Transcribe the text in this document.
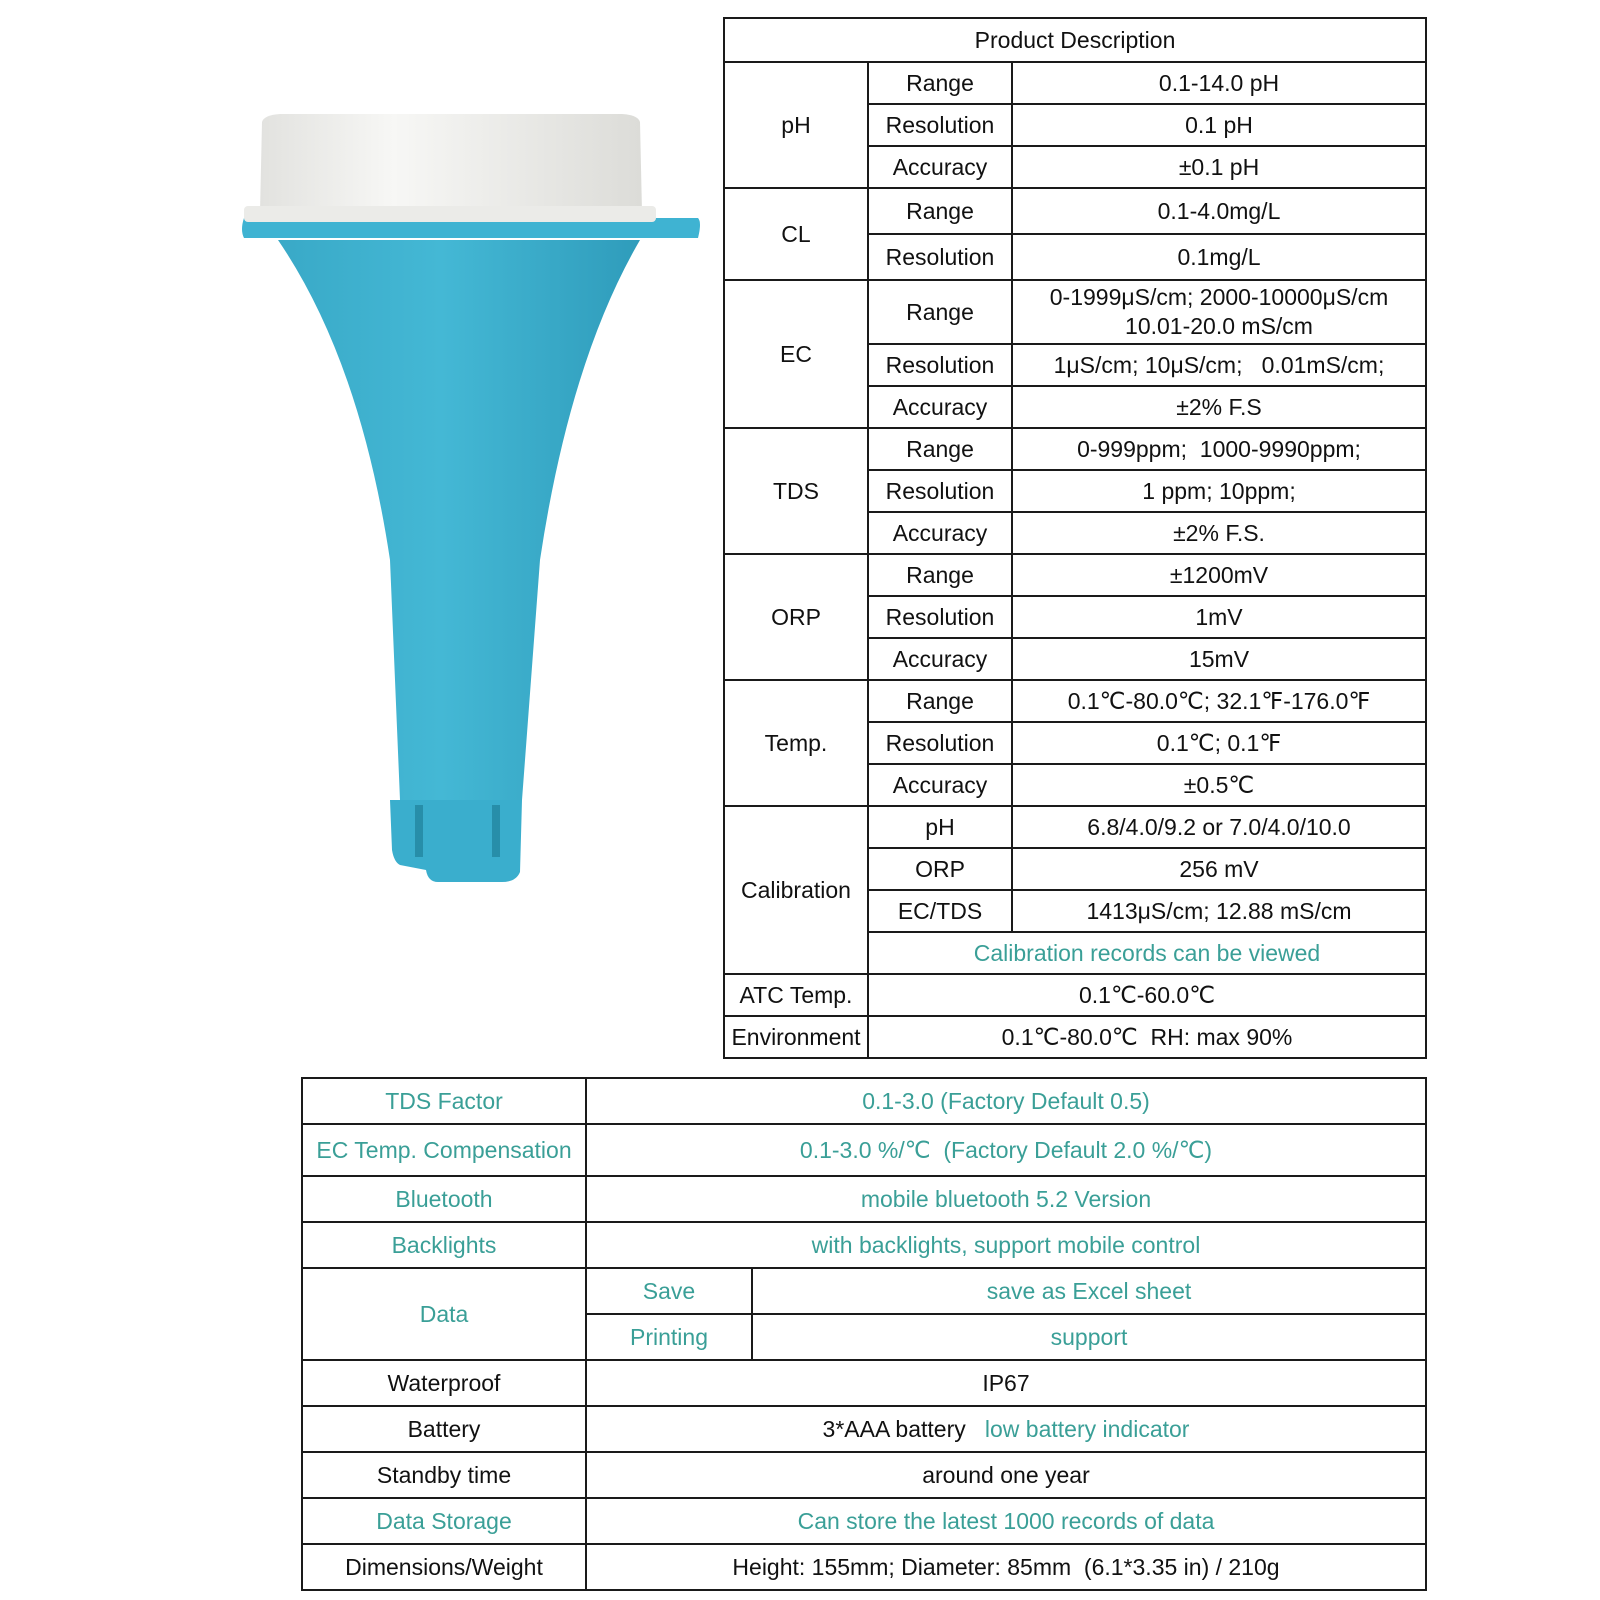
Product Description		
pH	Range	0.1-14.0 pH
	Resolution	0.1 pH
	Accuracy	±0.1 pH
CL	Range	0.1-4.0mg/L
	Resolution	0.1mg/L
EC	Range	0-1999μS/cm; 2000-10000μS/cm
10.01-20.0 mS/cm

	Resolution	1μS/cm; 10μS/cm;   0.01mS/cm;
	Accuracy	±2% F.S
TDS	Range	0-999ppm;  1000-9990ppm;
	Resolution	1 ppm; 10ppm;
	Accuracy	±2% F.S.
ORP	Range	±1200mV
	Resolution	1mV
	Accuracy	15mV
Temp.	Range	0.1℃-80.0℃; 32.1℉-176.0℉
	Resolution	0.1℃; 0.1℉
	Accuracy	±0.5℃
Calibration	pH	6.8/4.0/9.2 or 7.0/4.0/10.0
	ORP	256 mV
	EC/TDS	1413μS/cm; 12.88 mS/cm
	Calibration records can be viewed	
ATC Temp.	0.1℃-60.0℃	
Environment	0.1℃-80.0℃  RH: max 90%	
TDS Factor	0.1-3.0 (Factory Default 0.5)	
EC Temp. Compensation	0.1-3.0 %/℃  (Factory Default 2.0 %/℃)	
Bluetooth	mobile bluetooth 5.2 Version	
Backlights	with backlights, support mobile control	
Data	Save	save as Excel sheet
	Printing	support
Waterproof	IP67	
Battery	3*AAA battery low battery indicator	
Standby time	around one year	
Data Storage	Can store the latest 1000 records of data	
Dimensions/Weight	Height: 155mm; Diameter: 85mm  (6.1*3.35 in) / 210g	
